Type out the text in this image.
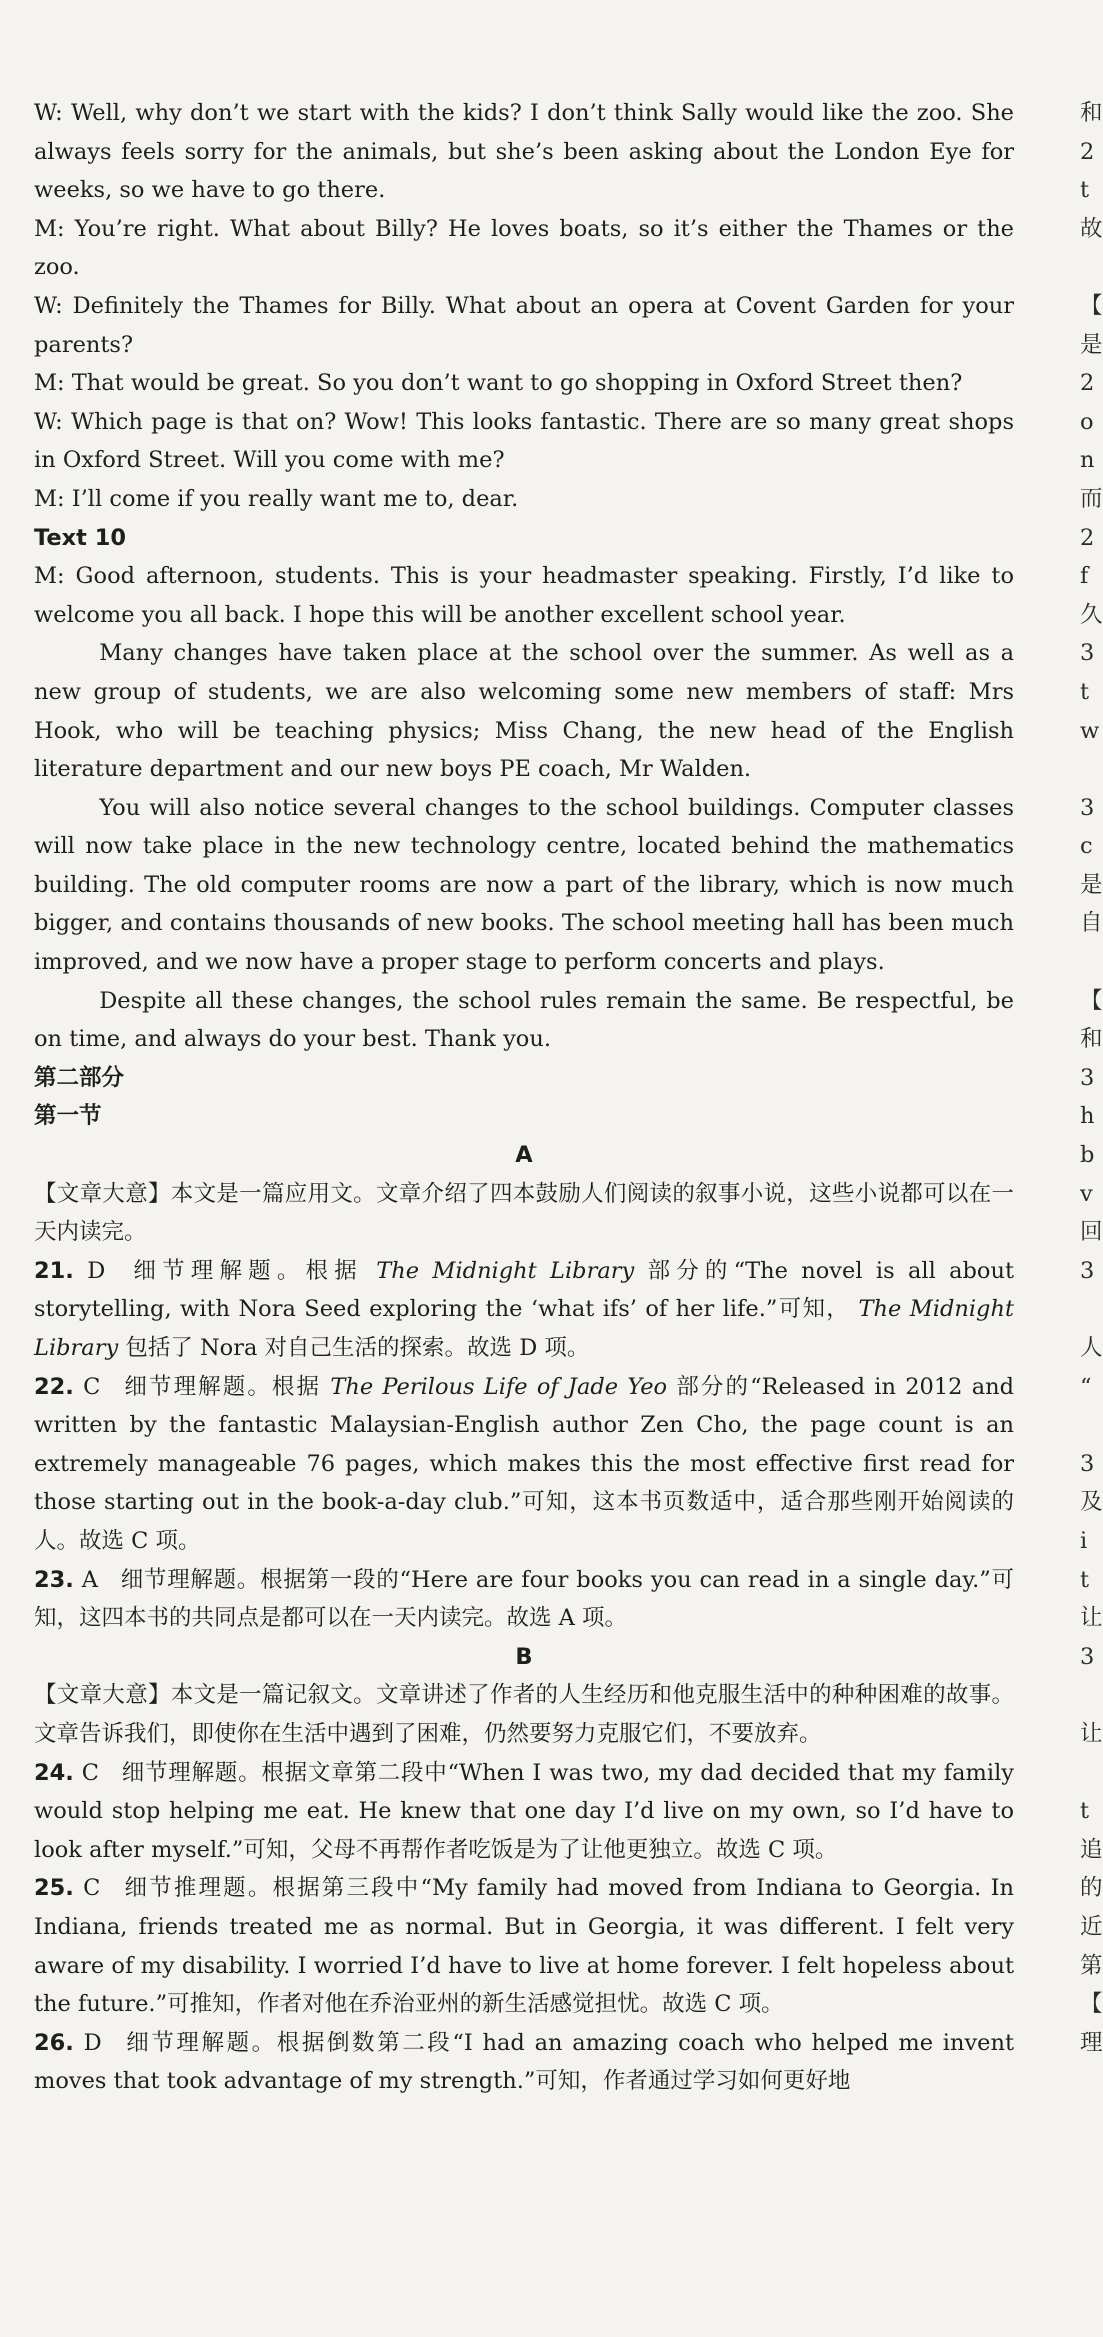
W: Well, why don’t we start with the kids? I don’t think Sally would like the zoo. She always feels sorry for the animals, but she’s been asking about the London Eye for weeks, so we have to go there.

M: You’re right. What about Billy? He loves boats, so it’s either the Thames or the zoo.

W: Definitely the Thames for Billy. What about an opera at Covent Garden for your parents?

M: That would be great. So you don’t want to go shopping in Oxford Street then?

W: Which page is that on? Wow! This looks fantastic. There are so many great shops in Oxford Street. Will you come with me?

M: I’ll come if you really want me to, dear.

Text 10

M: Good afternoon, students. This is your headmaster speaking. Firstly, I’d like to welcome you all back. I hope this will be another excellent school year.

Many changes have taken place at the school over the summer. As well as a new group of students, we are also welcoming some new members of staff: Mrs Hook, who will be teaching physics; Miss Chang, the new head of the English literature department and our new boys PE coach, Mr Walden.

You will also notice several changes to the school buildings. Computer classes will now take place in the new technology centre, located behind the mathematics building. The old computer rooms are now a part of the library, which is now much bigger, and contains thousands of new books. The school meeting hall has been much improved, and we now have a proper stage to perform concerts and plays.

Despite all these changes, the school rules remain the same. Be respectful, be on time, and always do your best. Thank you.

第二部分

第一节

A

【文章大意】本文是一篇应用文。文章介绍了四本鼓励人们阅读的叙事小说，这些小说都可以在一天内读完。

21. D 细节理解题。根据 The Midnight Library 部分的“The novel is all about storytelling, with Nora Seed exploring the ‘what ifs’ of her life.”可知， The Midnight Library 包括了 Nora 对自己生活的探索。故选 D 项。

22. C 细节理解题。根据 The Perilous Life of Jade Yeo 部分的“Released in 2012 and written by the fantastic Malaysian-English author Zen Cho, the page count is an extremely manageable 76 pages, which makes this the most effective first read for those starting out in the book-a-day club.”可知，这本书页数适中，适合那些刚开始阅读的人。故选 C 项。

23. A 细节理解题。根据第一段的“Here are four books you can read in a single day.”可知，这四本书的共同点是都可以在一天内读完。故选 A 项。

B

【文章大意】本文是一篇记叙文。文章讲述了作者的人生经历和他克服生活中的种种困难的故事。文章告诉我们，即使你在生活中遇到了困难，仍然要努力克服它们，不要放弃。

24. C 细节理解题。根据文章第二段中“When I was two, my dad decided that my family would stop helping me eat. He knew that one day I’d live on my own, so I’d have to look after myself.”可知，父母不再帮作者吃饭是为了让他更独立。故选 C 项。

25. C 细节推理题。根据第三段中“My family had moved from Indiana to Georgia. In Indiana, friends treated me as normal. But in Georgia, it was different. I felt very aware of my disability. I worried I’d have to live at home forever. I felt hopeless about the future.”可推知，作者对他在乔治亚州的新生活感觉担忧。故选 C 项。

26. D 细节理解题。根据倒数第二段“I had an amazing coach who helped me invent moves that took advantage of my strength.”可知，作者通过学习如何更好地

和
2
t
故
【
是
2
o
n
而
2
f
久
3
t
w
3
c
是
自
【
和
3
h
b
v
回
3
人
“
3
及
i
t
让
3
让
t
追
的
近
第
【
理
